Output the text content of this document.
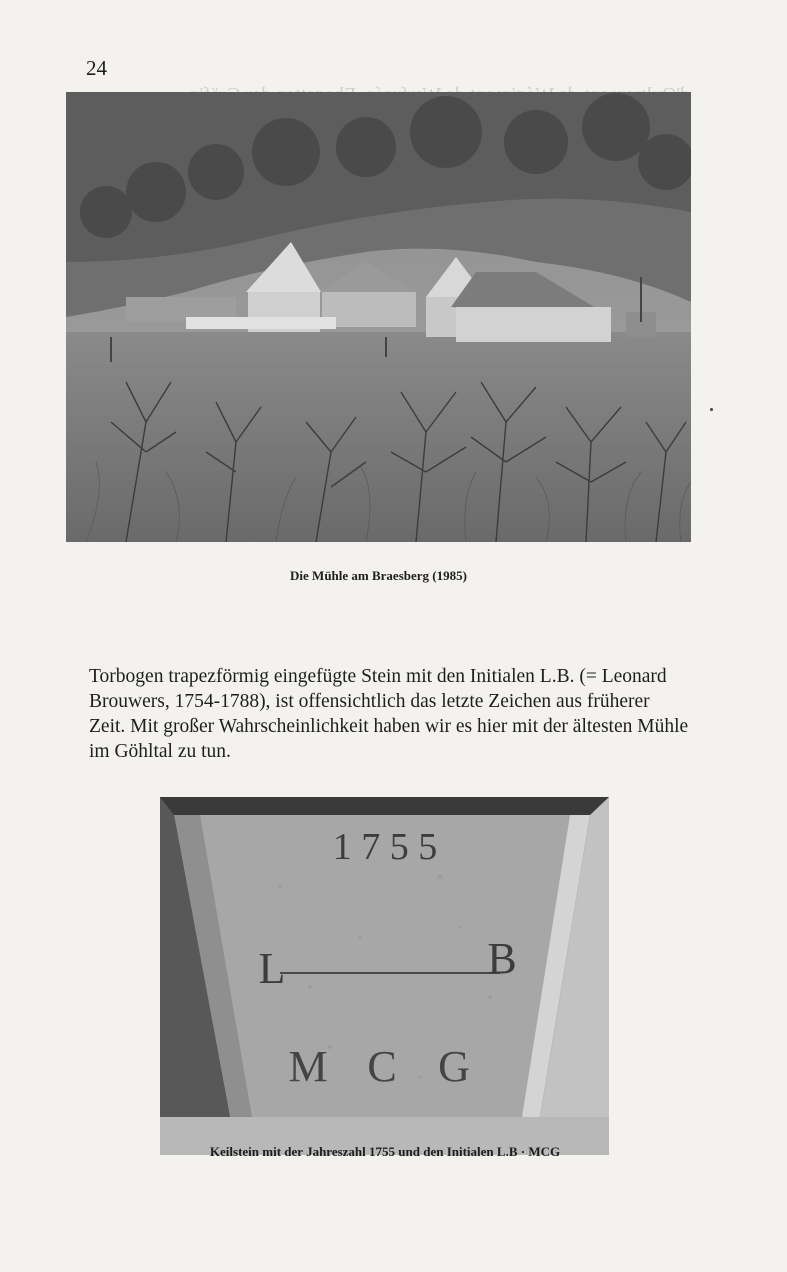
24
Die Mühle am Braesberg (1985)

Torbogen trapezförmig eingefügte Stein mit den Initialen L.B. (= Leonard Brouwers, 1754-1788), ist offensichtlich das letzte Zeichen aus früherer Zeit. Mit großer Wahrscheinlichkeit haben wir es hier mit der ältesten Mühle im Göhltal zu tun.

1 7 5 5
L	B
M C G
Keilstein mit der Jahreszahl 1755 und den Initialen L.B · MCG
